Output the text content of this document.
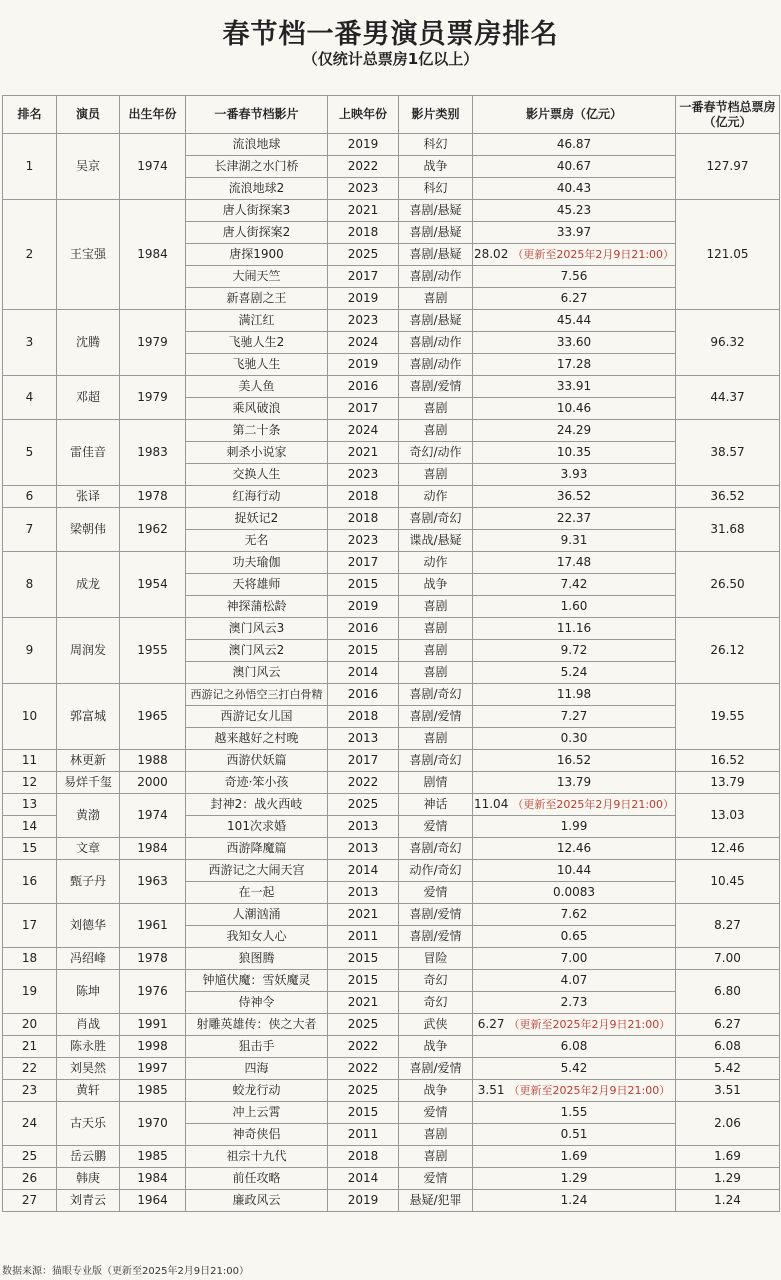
春节档一番男演员票房排名
（仅统计总票房1亿以上）
排名	演员	出生年份	一番春节档影片	上映年份	影片类别	影片票房（亿元）	一番春节档总票房（亿元）
1	吴京	1974	流浪地球	2019	科幻	46.87	127.97
			长津湖之水门桥	2022	战争	40.67	
			流浪地球2	2023	科幻	40.43	
2	王宝强	1984	唐人街探案3	2021	喜剧/悬疑	45.23	121.05
			唐人街探案2	2018	喜剧/悬疑	33.97	
			唐探1900	2025	喜剧/悬疑	28.02 （更新至2025年2月9日21:00）	
			大闹天竺	2017	喜剧/动作	7.56	
			新喜剧之王	2019	喜剧	6.27	
3	沈腾	1979	满江红	2023	喜剧/悬疑	45.44	96.32
			飞驰人生2	2024	喜剧/动作	33.60	
			飞驰人生	2019	喜剧/动作	17.28	
4	邓超	1979	美人鱼	2016	喜剧/爱情	33.91	44.37
			乘风破浪	2017	喜剧	10.46	
5	雷佳音	1983	第二十条	2024	喜剧	24.29	38.57
			刺杀小说家	2021	奇幻/动作	10.35	
			交换人生	2023	喜剧	3.93	
6	张译	1978	红海行动	2018	动作	36.52	36.52
7	梁朝伟	1962	捉妖记2	2018	喜剧/奇幻	22.37	31.68
			无名	2023	谍战/悬疑	9.31	
8	成龙	1954	功夫瑜伽	2017	动作	17.48	26.50
			天将雄师	2015	战争	7.42	
			神探蒲松龄	2019	喜剧	1.60	
9	周润发	1955	澳门风云3	2016	喜剧	11.16	26.12
			澳门风云2	2015	喜剧	9.72	
			澳门风云	2014	喜剧	5.24	
10	郭富城	1965	西游记之孙悟空三打白骨精	2016	喜剧/奇幻	11.98	19.55
			西游记女儿国	2018	喜剧/爱情	7.27	
			越来越好之村晚	2013	喜剧	0.30	
11	林更新	1988	西游伏妖篇	2017	喜剧/奇幻	16.52	16.52
12	易烊千玺	2000	奇迹·笨小孩	2022	剧情	13.79	13.79
13	黄渤	1974	封神2：战火西岐	2025	神话	11.04 （更新至2025年2月9日21:00）	13.03
14			101次求婚	2013	爱情	1.99	
15	文章	1984	西游降魔篇	2013	喜剧/奇幻	12.46	12.46
16	甄子丹	1963	西游记之大闹天宫	2014	动作/奇幻	10.44	10.45
			在一起	2013	爱情	0.0083	
17	刘德华	1961	人潮汹涌	2021	喜剧/爱情	7.62	8.27
			我知女人心	2011	喜剧/爱情	0.65	
18	冯绍峰	1978	狼图腾	2015	冒险	7.00	7.00
19	陈坤	1976	钟馗伏魔：雪妖魔灵	2015	奇幻	4.07	6.80
			侍神令	2021	奇幻	2.73	
20	肖战	1991	射雕英雄传：侠之大者	2025	武侠	6.27 （更新至2025年2月9日21:00）	6.27
21	陈永胜	1998	狙击手	2022	战争	6.08	6.08
22	刘昊然	1997	四海	2022	喜剧/爱情	5.42	5.42
23	黄轩	1985	蛟龙行动	2025	战争	3.51 （更新至2025年2月9日21:00）	3.51
24	古天乐	1970	冲上云霄	2015	爱情	1.55	2.06
			神奇侠侣	2011	喜剧	0.51	
25	岳云鹏	1985	祖宗十九代	2018	喜剧	1.69	1.69
26	韩庚	1984	前任攻略	2014	爱情	1.29	1.29
27	刘青云	1964	廉政风云	2019	悬疑/犯罪	1.24	1.24
数据来源：猫眼专业版（更新至2025年2月9日21:00）
